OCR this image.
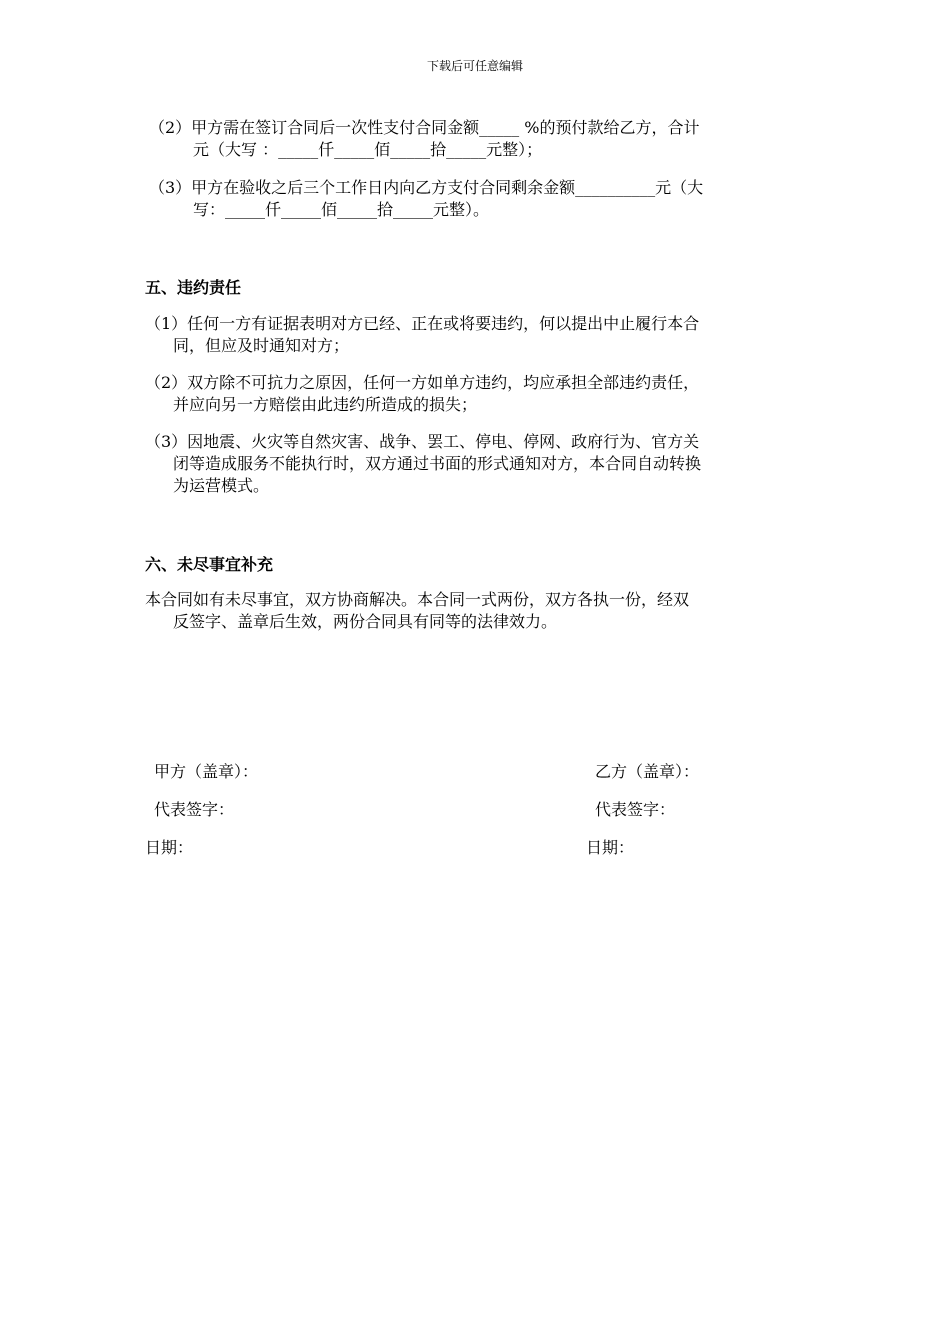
下载后可任意编辑
（2）甲方需在签订合同后一次性支付合同金额_____ %的预付款给乙方，合计
元（大写 ：_____仟_____佰_____拾_____元整）；
（3）甲方在验收之后三个工作日内向乙方支付合同剩余金额__________元（大
写：_____仟_____佰_____拾_____元整）。
五、违约责任
（1）任何一方有证据表明对方已经、正在或将要违约，何以提出中止履行本合
同，但应及时通知对方；
（2）双方除不可抗力之原因，任何一方如单方违约，均应承担全部违约责任，
并应向另一方赔偿由此违约所造成的损失；
（3）因地震、火灾等自然灾害、战争、罢工、停电、停网、政府行为、官方关
闭等造成服务不能执行时，双方通过书面的形式通知对方，本合同自动转换
为运营模式。
六、未尽事宜补充
本合同如有未尽事宜，双方协商解决。本合同一式两份，双方各执一份，经双
反签字、盖章后生效，两份合同具有同等的法律效力。
甲方（盖章）：
代表签字：
日期：
乙方（盖章）：
代表签字：
日期：
